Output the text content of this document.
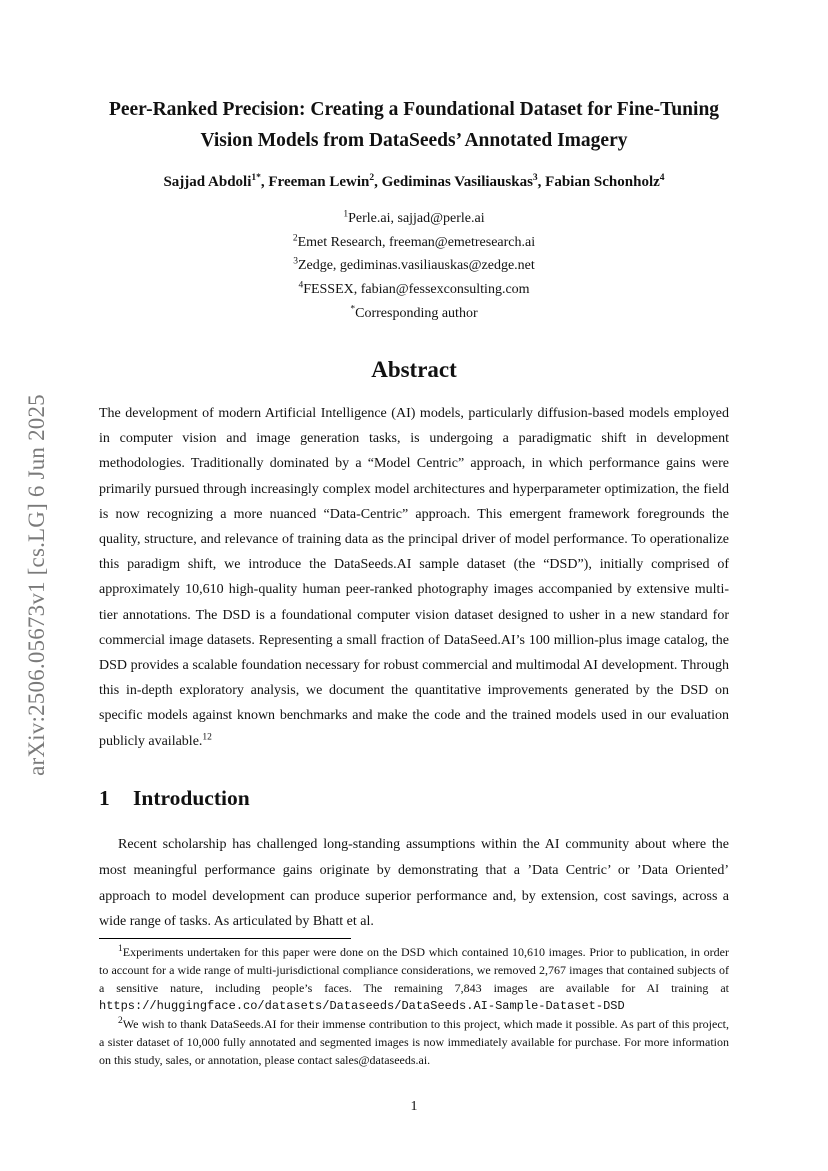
arXiv:2506.05673v1 [cs.LG] 6 Jun 2025
Peer-Ranked Precision: Creating a Foundational Dataset for Fine-Tuning
Vision Models from DataSeeds’ Annotated Imagery
Sajjad Abdoli$^{1*}$, Freeman Lewin$^2$, Gediminas Vasiliauskas$^3$, Fabian Schonholz$^4$
$^1$Perle.ai, sajjad@perle.ai
$^2$Emet Research, freeman@emetresearch.ai
$^3$Zedge, gediminas.vasiliauskas@zedge.net
$^4$FESSEX, fabian@fessexconsulting.com
*Corresponding author
Abstract
The development of modern Artificial Intelligence (AI) models, particularly diffusion-based models employed in computer vision and image generation tasks, is undergoing a paradigmatic shift in development methodologies. Traditionally dominated by a “Model Centric” approach, in which performance gains were primarily pursued through increasingly complex model architectures and hyperparameter optimization, the field is now recognizing a more nuanced “Data-Centric” approach. This emergent framework foregrounds the quality, structure, and relevance of training data as the principal driver of model performance. To operationalize this paradigm shift, we introduce the DataSeeds.AI sample dataset (the “DSD”), initially comprised of approximately 10,610 high-quality human peer-ranked photography images accompanied by extensive multi-tier annotations. The DSD is a foundational computer vision dataset designed to usher in a new standard for commercial image datasets. Representing a small fraction of DataSeed.AI’s 100 million-plus image catalog, the DSD provides a scalable foundation necessary for robust commercial and multimodal AI development. Through this in-depth exploratory analysis, we document the quantitative improvements generated by the DSD on specific models against known benchmarks and make the code and the trained models used in our evaluation publicly available.$^{12}$
1 Introduction
Recent scholarship has challenged long-standing assumptions within the AI community about where the most meaningful performance gains originate by demonstrating that a ’Data Centric’ or ’Data Oriented’ approach to model development can produce superior performance and, by extension, cost savings, across a wide range of tasks. As articulated by Bhatt et al.

$^1$Experiments undertaken for this paper were done on the DSD which contained 10,610 images. Prior to publication, in order to account for a wide range of multi-jurisdictional compliance considerations, we removed 2,767 images that contained subjects of a sensitive nature, including people’s faces. The remaining 7,843 images are available for AI training at https://huggingface.co/datasets/Dataseeds/DataSeeds.AI-Sample-Dataset-DSD

$^2$We wish to thank DataSeeds.AI for their immense contribution to this project, which made it possible. As part of this project, a sister dataset of 10,000 fully annotated and segmented images is now immediately available for purchase. For more information on this study, sales, or annotation, please contact sales@dataseeds.ai.

1
